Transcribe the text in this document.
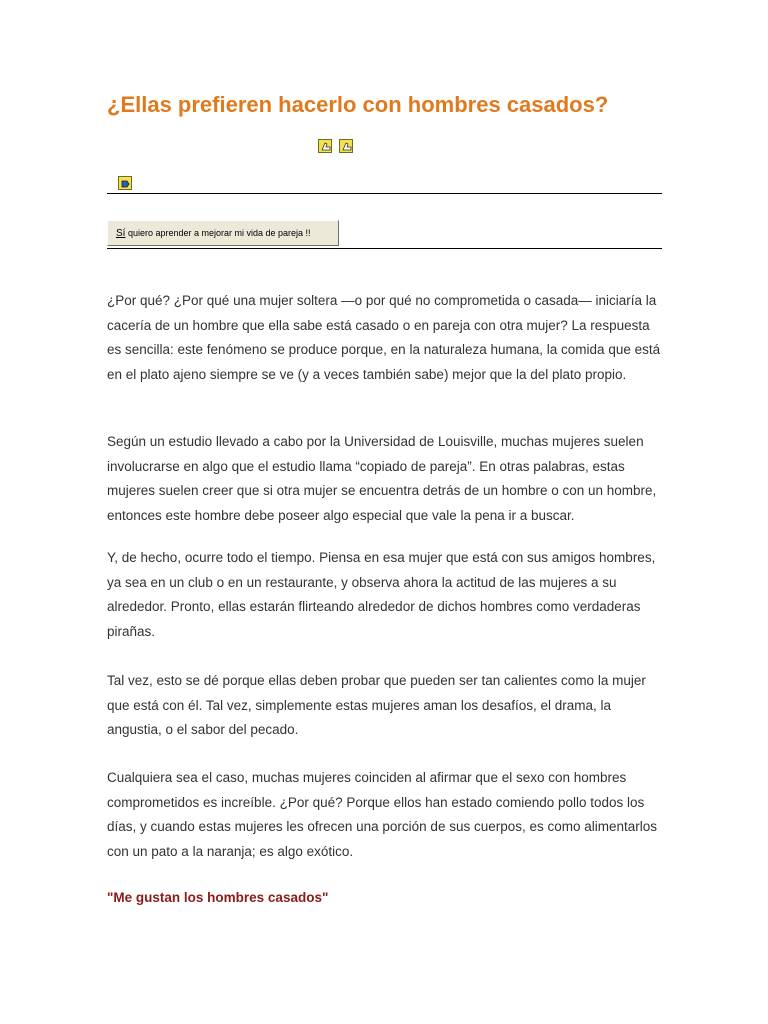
¿Ellas prefieren hacerlo con hombres casados?
Sí quiero aprender a mejorar mi vida de pareja !!

¿Por qué? ¿Por qué una mujer soltera —o por qué no comprometida o casada— iniciaría la cacería de un hombre que ella sabe está casado o en pareja con otra mujer? La respuesta es sencilla: este fenómeno se produce porque, en la naturaleza humana, la comida que está en el plato ajeno siempre se ve (y a veces también sabe) mejor que la del plato propio.

Según un estudio llevado a cabo por la Universidad de Louisville, muchas mujeres suelen involucrarse en algo que el estudio llama “copiado de pareja”. En otras palabras, estas mujeres suelen creer que si otra mujer se encuentra detrás de un hombre o con un hombre, entonces este hombre debe poseer algo especial que vale la pena ir a buscar.

Y, de hecho, ocurre todo el tiempo. Piensa en esa mujer que está con sus amigos hombres, ya sea en un club o en un restaurante, y observa ahora la actitud de las mujeres a su alrededor. Pronto, ellas estarán flirteando alrededor de dichos hombres como verdaderas pirañas.

Tal vez, esto se dé porque ellas deben probar que pueden ser tan calientes como la mujer que está con él. Tal vez, simplemente estas mujeres aman los desafíos, el drama, la angustia, o el sabor del pecado.

Cualquiera sea el caso, muchas mujeres coinciden al afirmar que el sexo con hombres comprometidos es increíble. ¿Por qué? Porque ellos han estado comiendo pollo todos los días, y cuando estas mujeres les ofrecen una porción de sus cuerpos, es como alimentarlos con un pato a la naranja; es algo exótico.

"Me gustan los hombres casados"
